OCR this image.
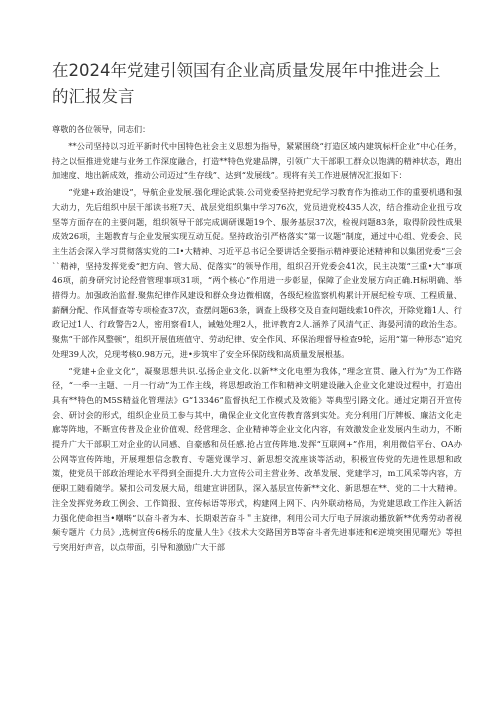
在2024年党建引领国有企业高质量发展年中推进会上的汇报发言

尊敬的各位领导，同志们：

**公司坚持以习近平新时代中国特色社会主义思想为指导，紧紧围绕“打造区域内建筑标杆企业”中心任务，持之以恒推进党建与业务工作深度融合，打造**特色党建品牌，引领广大干部职工群众以饱满的精神状态，跑出加速度、地出新成效，推动公司迈过“生存线”、达到“发展线”。现将有关工作进展情况汇报如下：

“党建+政治建设”，导航企业发展.强化理论武装.公司党委坚持把党纪学习教育作为推动工作的重要机遇和强大动力，先后组织中层干部读书班7天、战层党组织集中学习76次，党员进党校435人次，结合推动企业扭亏攻坚等方面存在的主要问题，组织领导干部完成调研课题19个、服务基层37次，检视问题83条，取得阶段性成果成效26项，主题教育与企业发展实现互动互促。坚持政治引严格落实“第一议题”制度，通过中心组、党委会、民主生活会深入学习贯彻落实党的二I•大精神、习近平总书记全要讲话全要指示精神要论述精神和以集团党委“三会``精神，坚持发挥党委“把方向、管大局、促落实”的领导作用，组织召开党委会41次，民主决策“三重•大”事项46项，前身研究讨论经营管理事项31项，“两个核心”作用进一步彰显，保障了企业发展方向正确.H标明确、举措得力。加强政治监督.聚焦纪律作风建设和群众身边微相腐，各级纪检监察机构累计开展纪检专项、工程质量、薪酬分配、作风督查等专项检查37次，查摆问题63条，调查上级移交及自查问题线索10件次，开除党籍1人、行政记过1人、行政警告2人，密用察看I人，诫勉处理2人，批评教育2人.涵养了风清气正、海晏河清的政治生态。聚焦“干部作风整顿”，组织开展值班值守、劳动纪律、安全作风、环保治理督导检查9轮，运用“第一种形态”追究处理39人次，兑现考核0.98万元，进•步筑牢了安全环保防线和高质量发展根基。

“党建+企业文化”，凝聚思想共识.弘扬企业文化.以新**文化电塑为我体，”理念宣贯、融入行为”为工作路径，“一季一主题、一月一行动”为工作主线，将思想政治工作和精神文明建设融入企业文化建设过程中，打造出具有**特色的M5S精益化管理法》G“13346”监督执纪工作模式及效能》等典型引路文化。通过定期召开宣传会、研讨会的形式，组织企业员工参与其中，确保企业文化宣传教育落到实处。充分利用门厅牌板、廉洁文化走廊等阵地，不断宣传普及企业价值观、经营理念、企业精神等企业文化内容，有效激发企业发展内生动力，不断提升广大干部职工对企业的认同感、自豪感和员任感.抢占宣传阵地.发挥“互联网+”作用，利用微信平台、OA办公网等宣传阵地，开展理想信念教育、专题党课学习、新思想交流座谈等活动，积极宣传党的先进性思想和政策，使党员干部政治理论水平得到全面提升.大力宣传公司主营业务、改革发展、党建学习，m工风采等内容，方便职工随看随学。紧扣公司发展大局，组建宣讲团队，深入基层宣传新**文化、新思想在**、党的二十大精神。注全发挥党务政工例会、工作简报、宣传标语等形式，构建网上网下、内外联动格局，为党建思政工作注入新活力强化使命担当•嘲啭“以奋斗者为本、长期艰苦奋斗＂主旋律，利用公司大厅电子屏滚动播放新**优秀劳动者视频专题片《力员》,选树宣传6杨乐的度量人生》《技术大交路国芳B等奋斗者先进事迹和€逆境突围见曙光》等担亏突用好声音，以点带面，引导和激励广大干部
